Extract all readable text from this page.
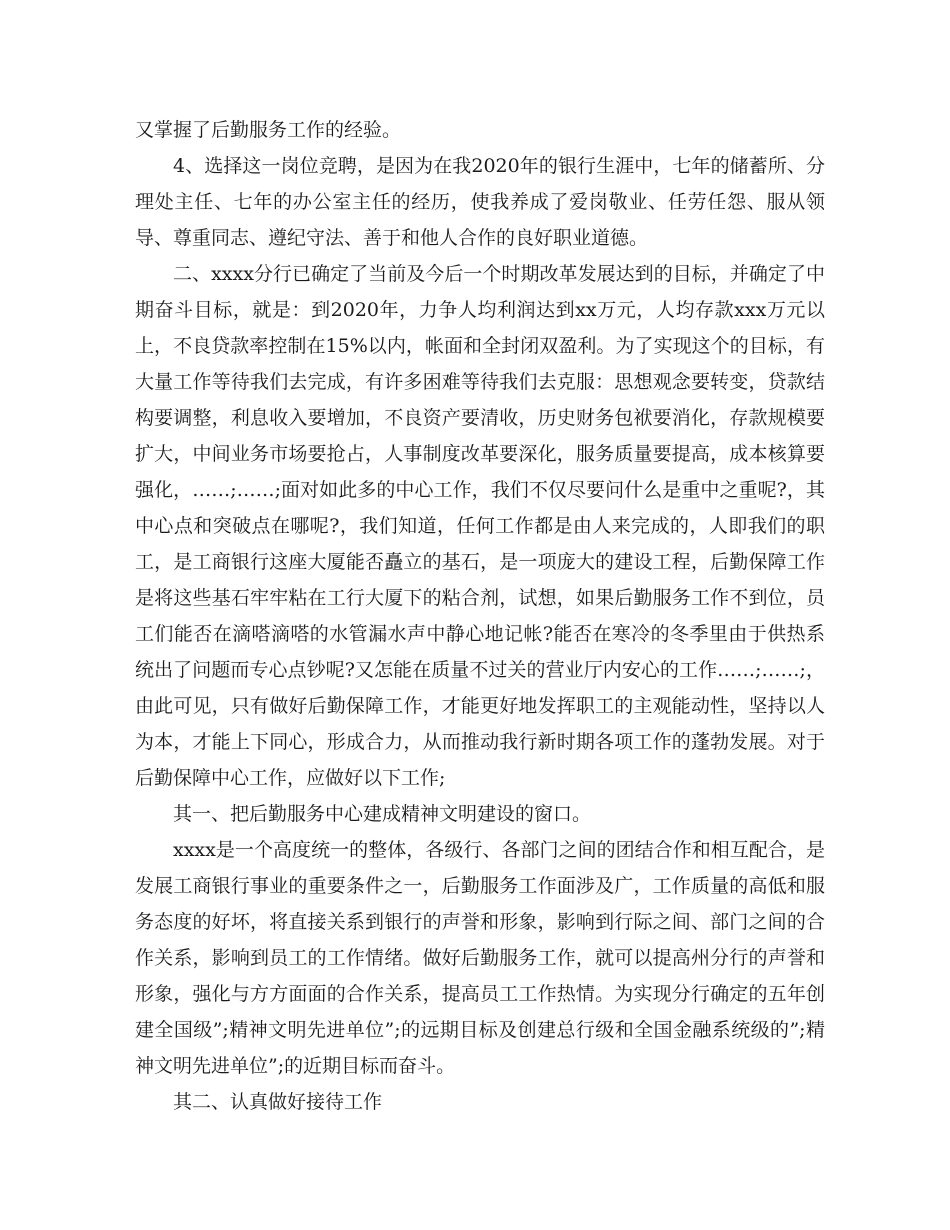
又掌握了后勤服务工作的经验。

4、选择这一岗位竞聘，是因为在我2020年的银行生涯中，七年的储蓄所、分理处主任、七年的办公室主任的经历，使我养成了爱岗敬业、任劳任怨、服从领导、尊重同志、遵纪守法、善于和他人合作的良好职业道德。

二、xxxx分行已确定了当前及今后一个时期改革发展达到的目标，并确定了中期奋斗目标，就是：到2020年，力争人均利润达到xx万元，人均存款xxx万元以上，不良贷款率控制在15%以内，帐面和全封闭双盈利。为了实现这个的目标，有大量工作等待我们去完成，有许多困难等待我们去克服：思想观念要转变，贷款结构要调整，利息收入要增加，不良资产要清收，历史财务包袱要消化，存款规模要扩大，中间业务市场要抢占，人事制度改革要深化，服务质量要提高，成本核算要强化，……;……;面对如此多的中心工作，我们不仅尽要问什么是重中之重呢?，其中心点和突破点在哪呢?，我们知道，任何工作都是由人来完成的，人即我们的职工，是工商银行这座大厦能否矗立的基石，是一项庞大的建设工程，后勤保障工作是将这些基石牢牢粘在工行大厦下的粘合剂，试想，如果后勤服务工作不到位，员工们能否在滴嗒滴嗒的水管漏水声中静心地记帐?能否在寒冷的冬季里由于供热系统出了问题而专心点钞呢?又怎能在质量不过关的营业厅内安心的工作……;……;，由此可见，只有做好后勤保障工作，才能更好地发挥职工的主观能动性，坚持以人为本，才能上下同心，形成合力，从而推动我行新时期各项工作的蓬勃发展。对于后勤保障中心工作，应做好以下工作;

其一、把后勤服务中心建成精神文明建设的窗口。

xxxx是一个高度统一的整体，各级行、各部门之间的团结合作和相互配合，是发展工商银行事业的重要条件之一，后勤服务工作面涉及广，工作质量的高低和服务态度的好坏，将直接关系到银行的声誉和形象，影响到行际之间、部门之间的合作关系，影响到员工的工作情绪。做好后勤服务工作，就可以提高州分行的声誉和形象，强化与方方面面的合作关系，提高员工工作热情。为实现分行确定的五年创建全国级”;精神文明先进单位”;的远期目标及创建总行级和全国金融系统级的”;精神文明先进单位”;的近期目标而奋斗。

其二、认真做好接待工作
